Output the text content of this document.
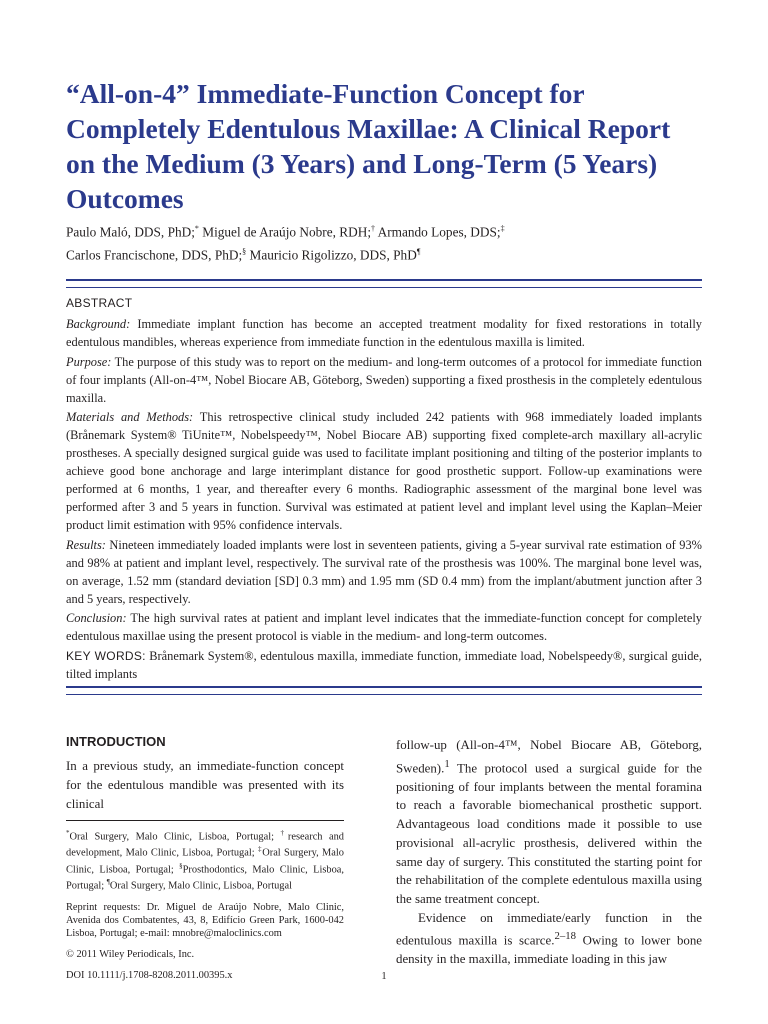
“All-on-4” Immediate-Function Concept for Completely Edentulous Maxillae: A Clinical Report on the Medium (3 Years) and Long-Term (5 Years) Outcomes
Paulo Maló, DDS, PhD;* Miguel de Araújo Nobre, RDH;† Armando Lopes, DDS;‡
Carlos Francischone, DDS, PhD;§ Mauricio Rigolizzo, DDS, PhD¶
ABSTRACT

Background: Immediate implant function has become an accepted treatment modality for fixed restorations in totally edentulous mandibles, whereas experience from immediate function in the edentulous maxilla is limited.

Purpose: The purpose of this study was to report on the medium- and long-term outcomes of a protocol for immediate function of four implants (All-on-4™, Nobel Biocare AB, Göteborg, Sweden) supporting a fixed prosthesis in the completely edentulous maxilla.

Materials and Methods: This retrospective clinical study included 242 patients with 968 immediately loaded implants (Brånemark System® TiUnite™, Nobelspeedy™, Nobel Biocare AB) supporting fixed complete-arch maxillary all-acrylic prostheses. A specially designed surgical guide was used to facilitate implant positioning and tilting of the posterior implants to achieve good bone anchorage and large interimplant distance for good prosthetic support. Follow-up examinations were performed at 6 months, 1 year, and thereafter every 6 months. Radiographic assessment of the marginal bone level was performed after 3 and 5 years in function. Survival was estimated at patient level and implant level using the Kaplan–Meier product limit estimation with 95% confidence intervals.

Results: Nineteen immediately loaded implants were lost in seventeen patients, giving a 5-year survival rate estimation of 93% and 98% at patient and implant level, respectively. The survival rate of the prosthesis was 100%. The marginal bone level was, on average, 1.52 mm (standard deviation [SD] 0.3 mm) and 1.95 mm (SD 0.4 mm) from the implant/abutment junction after 3 and 5 years, respectively.

Conclusion: The high survival rates at patient and implant level indicates that the immediate-function concept for completely edentulous maxillae using the present protocol is viable in the medium- and long-term outcomes.

KEY WORDS: Brånemark System®, edentulous maxilla, immediate function, immediate load, Nobelspeedy®, surgical guide, tilted implants

INTRODUCTION

In a previous study, an immediate-function concept for the edentulous mandible was presented with its clinical

*Oral Surgery, Malo Clinic, Lisboa, Portugal; †research and development, Malo Clinic, Lisboa, Portugal; ‡Oral Surgery, Malo Clinic, Lisboa, Portugal; §Prosthodontics, Malo Clinic, Lisboa, Portugal; ¶Oral Surgery, Malo Clinic, Lisboa, Portugal

Reprint requests: Dr. Miguel de Araújo Nobre, Malo Clinic, Avenida dos Combatentes, 43, 8, Edifício Green Park, 1600-042 Lisboa, Portugal; e-mail: mnobre@maloclinics.com

© 2011 Wiley Periodicals, Inc.

DOI 10.1111/j.1708-8208.2011.00395.x

follow-up (All-on-4™, Nobel Biocare AB, Göteborg, Sweden).$^1$ The protocol used a surgical guide for the positioning of four implants between the mental foramina to reach a favorable biomechanical prosthetic support. Advantageous load conditions made it possible to use provisional all-acrylic prosthesis, delivered within the same day of surgery. This constituted the starting point for the rehabilitation of the complete edentulous maxilla using the same treatment concept.

Evidence on immediate/early function in the edentulous maxilla is scarce.$^{2-18}$ Owing to lower bone density in the maxilla, immediate loading in this jaw

1
